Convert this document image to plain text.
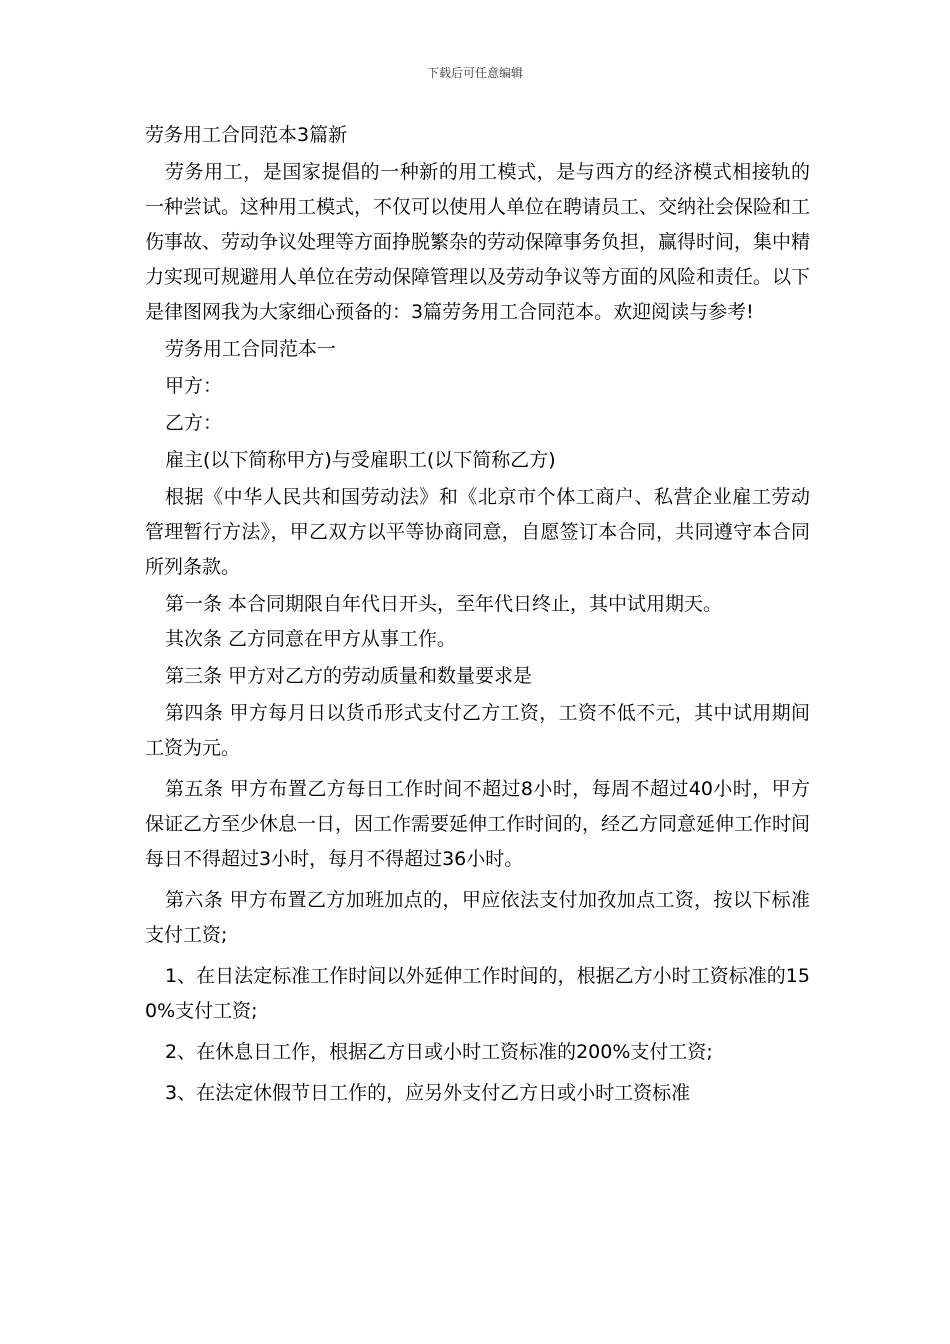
下载后可任意编辑
劳务用工合同范本3篇新

劳务用工，是国家提倡的一种新的用工模式，是与西方的经济模式相接轨的一种尝试。这种用工模式，不仅可以使用人单位在聘请员工、交纳社会保险和工伤事故、劳动争议处理等方面挣脱繁杂的劳动保障事务负担，赢得时间，集中精力实现可规避用人单位在劳动保障管理以及劳动争议等方面的风险和责任。以下是律图网我为大家细心预备的：3篇劳务用工合同范本。欢迎阅读与参考!

劳务用工合同范本一

甲方：

乙方：

雇主(以下简称甲方)与受雇职工(以下简称乙方)

根据《中华人民共和国劳动法》和《北京市个体工商户、私营企业雇工劳动管理暂行方法》，甲乙双方以平等协商同意，自愿签订本合同，共同遵守本合同所列条款。

第一条 本合同期限自年代日开头，至年代日终止，其中试用期天。

其次条 乙方同意在甲方从事工作。

第三条 甲方对乙方的劳动质量和数量要求是

第四条 甲方每月日以货币形式支付乙方工资，工资不低不元，其中试用期间工资为元。

第五条 甲方布置乙方每日工作时间不超过8小时，每周不超过40小时，甲方保证乙方至少休息一日，因工作需要延伸工作时间的，经乙方同意延伸工作时间每日不得超过3小时，每月不得超过36小时。

第六条 甲方布置乙方加班加点的，甲应依法支付加孜加点工资，按以下标准支付工资;

1、在日法定标准工作时间以外延伸工作时间的，根据乙方小时工资标准的150%支付工资;

2、在休息日工作，根据乙方日或小时工资标准的200%支付工资;

3、在法定休假节日工作的，应另外支付乙方日或小时工资标准
